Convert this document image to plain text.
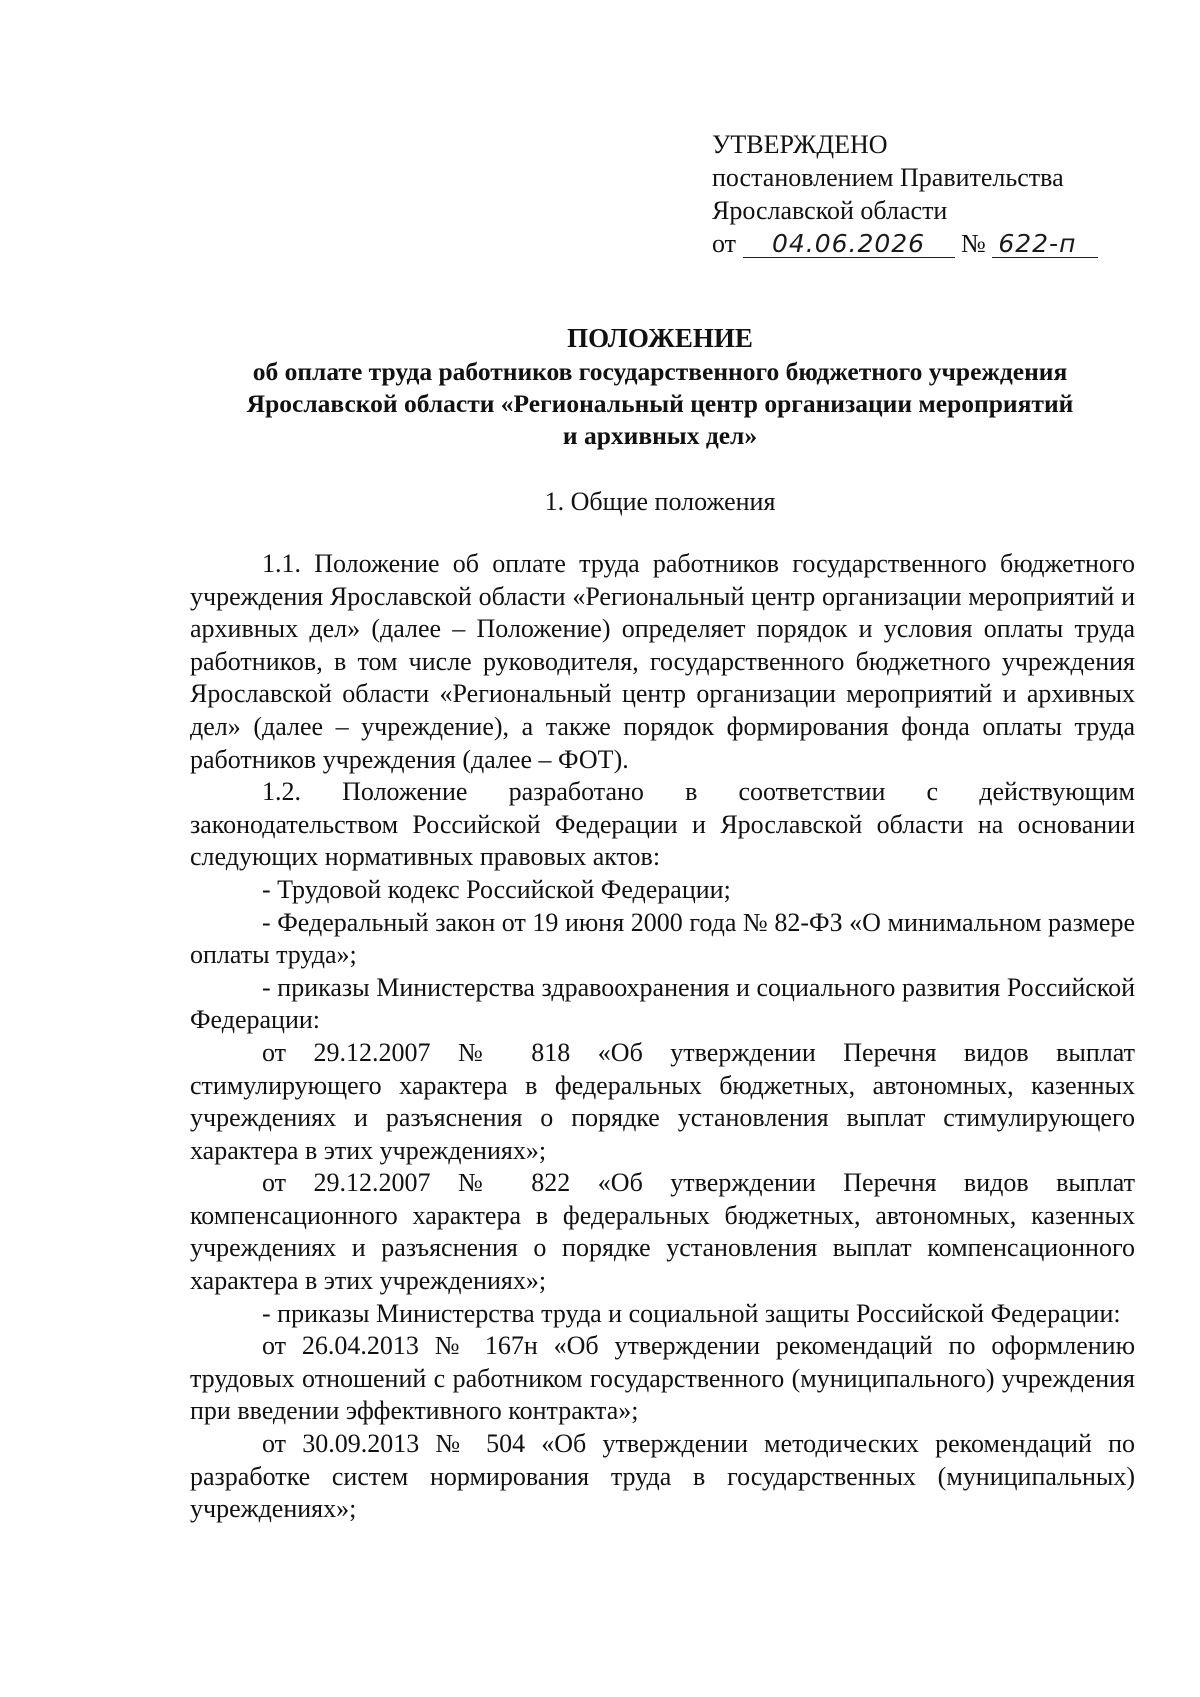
УТВЕРЖДЕНО
постановлением Правительства
Ярославской области
от 04.06.2026 № 622-п
ПОЛОЖЕНИЕ
об оплате труда работников государственного бюджетного учреждения
Ярославской области «Региональный центр организации мероприятий
и архивных дел»
1. Общие положения

1.1. Положение об оплате труда работников государственного бюджетного учреждения Ярославской области «Региональный центр организации мероприятий и архивных дел» (далее – Положение) определяет порядок и условия оплаты труда работников, в том числе руководителя, государственного бюджетного учреждения Ярославской области «Региональный центр организации мероприятий и архивных дел» (далее – учреждение), а также порядок формирования фонда оплаты труда работников учреждения (далее – ФОТ).

1.2. Положение разработано в соответствии с действующим законодательством Российской Федерации и Ярославской области на основании следующих нормативных правовых актов:

- Трудовой кодекс Российской Федерации;

- Федеральный закон от 19 июня 2000 года № 82-ФЗ «О минимальном размере оплаты труда»;

- приказы Министерства здравоохранения и социального развития Российской Федерации:

от 29.12.2007 № 818 «Об утверждении Перечня видов выплат стимулирующего характера в федеральных бюджетных, автономных, казенных учреждениях и разъяснения о порядке установления выплат стимулирующего характера в этих учреждениях»;

от 29.12.2007 № 822 «Об утверждении Перечня видов выплат компенсационного характера в федеральных бюджетных, автономных, казенных учреждениях и разъяснения о порядке установления выплат компенсационного характера в этих учреждениях»;

- приказы Министерства труда и социальной защиты Российской Федерации:

от 26.04.2013 № 167н «Об утверждении рекомендаций по оформлению трудовых отношений с работником государственного (муниципального) учреждения при введении эффективного контракта»;

от 30.09.2013 № 504 «Об утверждении методических рекомендаций по разработке систем нормирования труда в государственных (муниципальных) учреждениях»;
